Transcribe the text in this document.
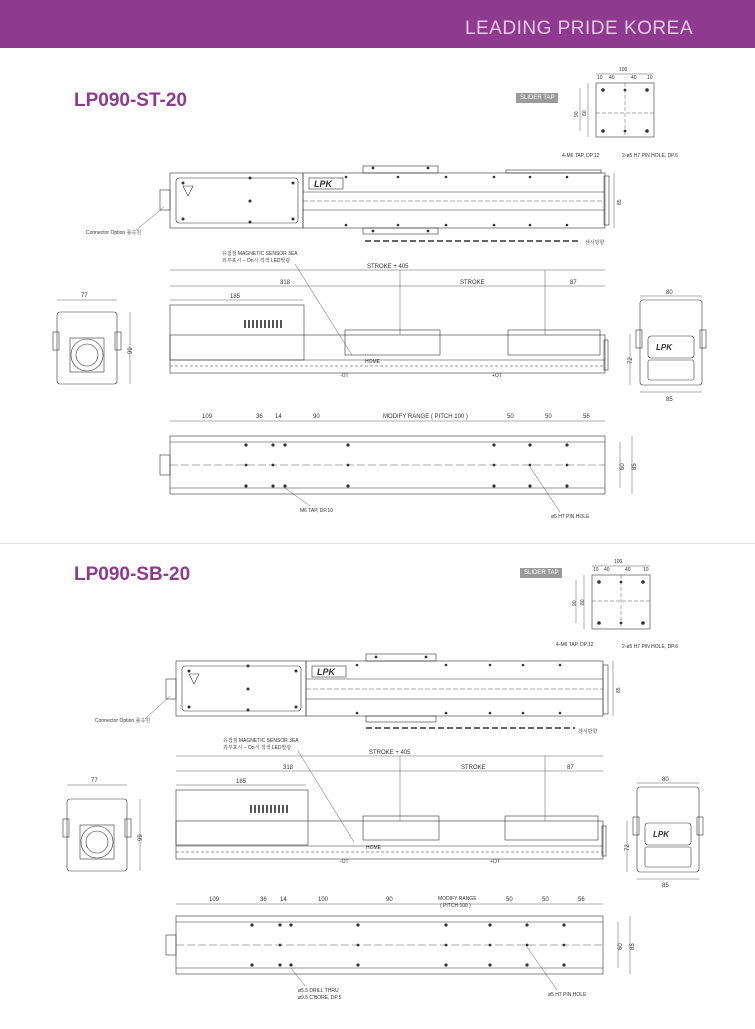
LEADING PRIDE KOREA
LP090-ST-20	SLIDER TAP
LP090-SB-20	SLIDER TAP
100
10 40	40 10
90 80
4-M6 TAP, DP.12	2-ø5 H7 PIN HOLE, DP.6
LPK
Connector Option 롤옥원
센서방향
85
유접점 MAGNETIC SENSOR 3EA
외부표시 – On시 적색 LED발광
STROKE + 405
318	STROKE	87
185
HOME
-OT	+OT
77
99	LPK
80
72
85
109	36 14	90	MODIFY RANGE ( PITCH 100 )	50	50	56
60 85
M6 TAP, DP.10
ø5 H7 PIN HOLE
100
10 40	40 10
90 80
4-M6 TAP, DP.12	2-ø5 H7 PIN HOLE, DP.6
LPK
Connector Option 롤옥원
센서방향
85
유접점 MAGNETIC SENSOR 3EA
외부표시 – On시 적색 LED발광
STROKE + 405
318	STROKE	87
185
HOME
-OT	+OT
77
99	LPK
80
72
85
109	36 14	100	90	MODIFY RANGE
( PITCH 100 )
50	50	56
60 85
ø5.5 DRILL THRU
ø9.5 C'BORE, DP.5	ø5 H7 PIN HOLE
